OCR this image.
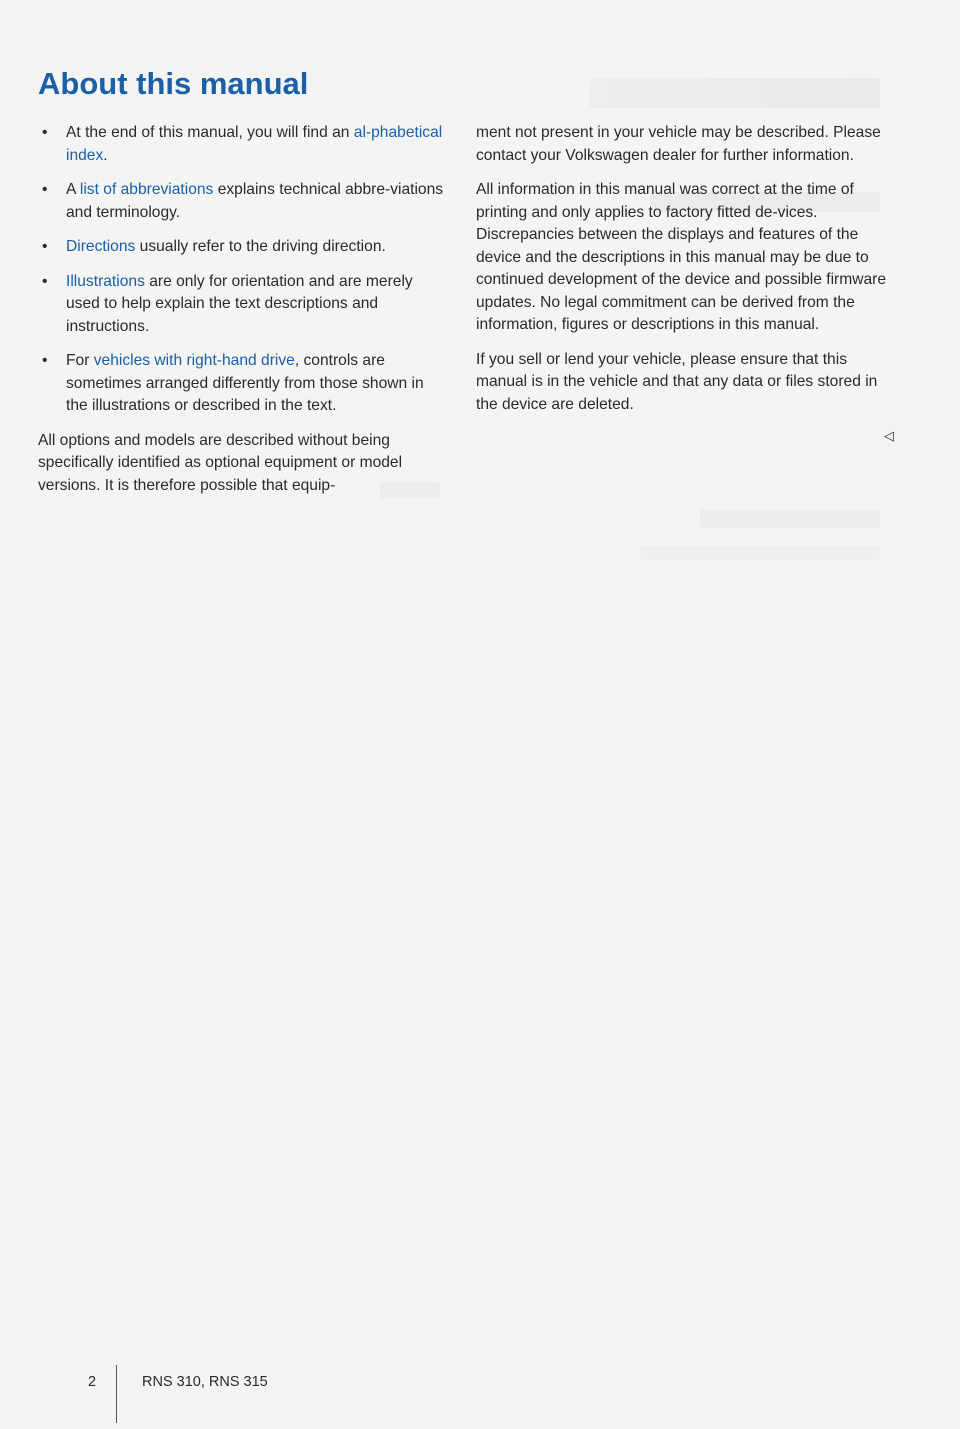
About this manual
• At the end of this manual, you will find an al-phabetical index.
• A list of abbreviations explains technical abbre-viations and terminology.
• Directions usually refer to the driving direction.
• Illustrations are only for orientation and are merely used to help explain the text descriptions and instructions.
• For vehicles with right-hand drive, controls are sometimes arranged differently from those shown in the illustrations or described in the text.

All options and models are described without being specifically identified as optional equipment or model versions. It is therefore possible that equip-

ment not present in your vehicle may be described. Please contact your Volkswagen dealer for further information.

All information in this manual was correct at the time of printing and only applies to factory fitted de-vices. Discrepancies between the displays and features of the device and the descriptions in this manual may be due to continued development of the device and possible firmware updates. No legal commitment can be derived from the information, figures or descriptions in this manual.

If you sell or lend your vehicle, please ensure that this manual is in the vehicle and that any data or files stored in the device are deleted.

◁
2	RNS 310, RNS 315
